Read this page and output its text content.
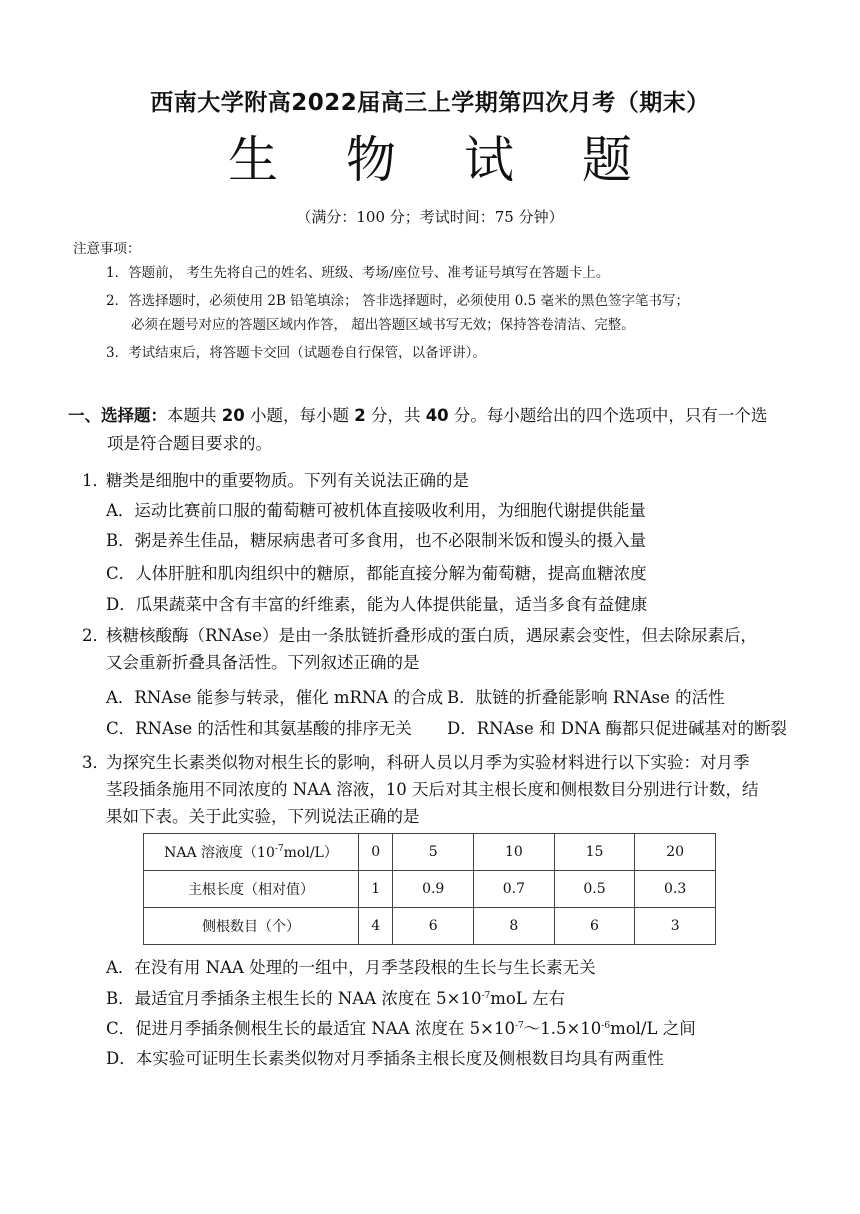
西南大学附高2022届高三上学期第四次月考（期末）
生 物 试 题
（满分：100 分；考试时间：75 分钟）
注意事项：
1．答题前， 考生先将自己的姓名、班级、考场/座位号、准考证号填写在答题卡上。
2．答选择题时，必须使用 2B 铅笔填涂； 答非选择题时，必须使用 0.5 毫米的黑色签字笔书写；
必须在题号对应的答题区域内作答， 超出答题区域书写无效；保持答卷清洁、完整。
3．考试结束后，将答题卡交回（试题卷自行保管，以备评讲）。
一、选择题：本题共 20 小题，每小题 2 分，共 40 分。每小题给出的四个选项中，只有一个选
项是符合题目要求的。
1．糖类是细胞中的重要物质。下列有关说法正确的是
A．运动比赛前口服的葡萄糖可被机体直接吸收利用，为细胞代谢提供能量
B．粥是养生佳品，糖尿病患者可多食用，也不必限制米饭和馒头的摄入量
C．人体肝脏和肌肉组织中的糖原，都能直接分解为葡萄糖，提高血糖浓度
D．瓜果蔬菜中含有丰富的纤维素，能为人体提供能量，适当多食有益健康
2．核糖核酸酶（RNAse）是由一条肽链折叠形成的蛋白质，遇尿素会变性，但去除尿素后，
又会重新折叠具备活性。下列叙述正确的是
A．RNAse 能参与转录，催化 mRNA 的合成 B．肽链的折叠能影响 RNAse 的活性
C．RNAse 的活性和其氨基酸的排序无关 D．RNAse 和 DNA 酶都只促进碱基对的断裂
3．为探究生长素类似物对根生长的影响，科研人员以月季为实验材料进行以下实验：对月季
茎段插条施用不同浓度的 NAA 溶液，10 天后对其主根长度和侧根数目分别进行计数，结
果如下表。关于此实验，下列说法正确的是
NAA 溶液度$(10^{-7}mol/L)$	0	5	10	15	20
主根长度（相对值）	1	0.9	0.7	0.5	0.3
侧根数目（个）	4	6	8	6	3
A．在没有用 NAA 处理的一组中，月季茎段根的生长与生长素无关
B．最适宜月季插条主根生长的 NAA 浓度在 $5\times 10^{-7}moL$ 左右
C．促进月季插条侧根生长的最适宜 NAA 浓度在 $5\times 10^{-7}\sim 1.5\times 10^{-6}mol/L$ 之间
D．本实验可证明生长素类似物对月季插条主根长度及侧根数目均具有两重性
